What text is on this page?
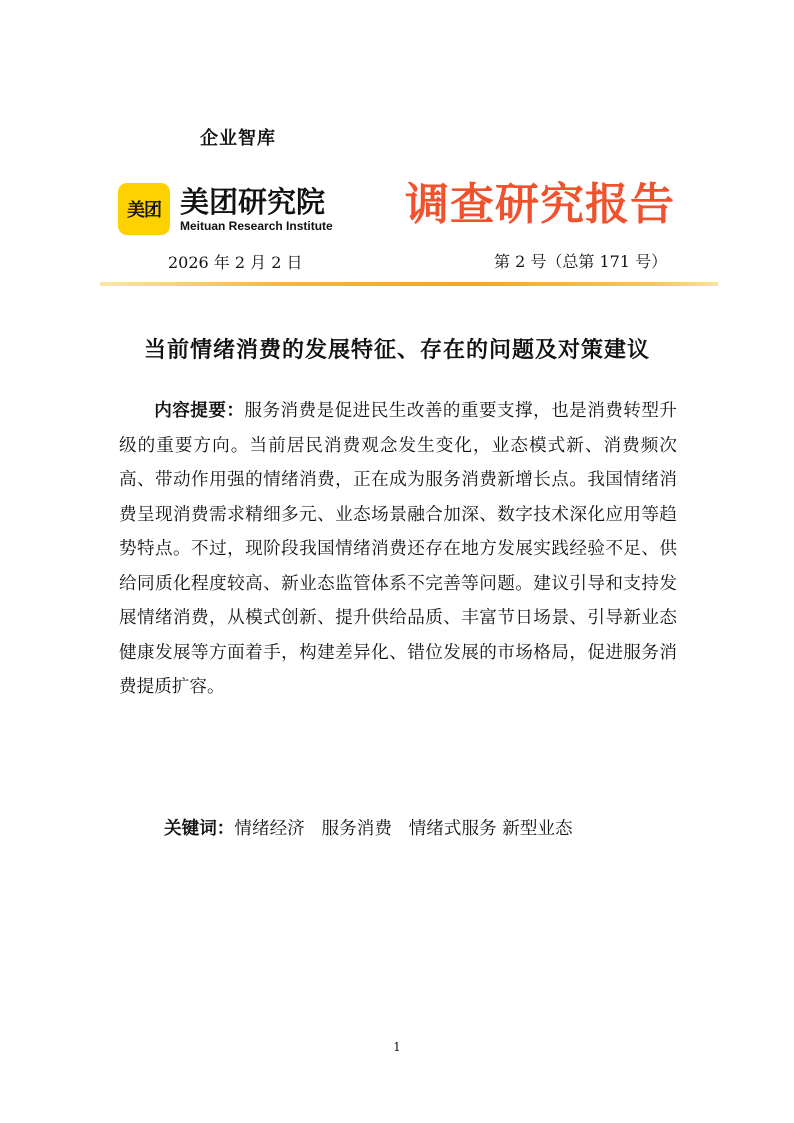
企业智库
美团 美团研究院
Meituan Research Institute 调查研究报告
2026 年 2 月 2 日	第 2 号（总第 171 号）
当前情绪消费的发展特征、存在的问题及对策建议
内容提要：服务消费是促进民生改善的重要支撑，也是消费转型升级的重要方向。当前居民消费观念发生变化，业态模式新、消费频次高、带动作用强的情绪消费，正在成为服务消费新增长点。我国情绪消费呈现消费需求精细多元、业态场景融合加深、数字技术深化应用等趋势特点。不过，现阶段我国情绪消费还存在地方发展实践经验不足、供给同质化程度较高、新业态监管体系不完善等问题。建议引导和支持发展情绪消费，从模式创新、提升供给品质、丰富节日场景、引导新业态健康发展等方面着手，构建差异化、错位发展的市场格局，促进服务消费提质扩容。
关键词：情绪经济   服务消费   情绪式服务 新型业态
1
